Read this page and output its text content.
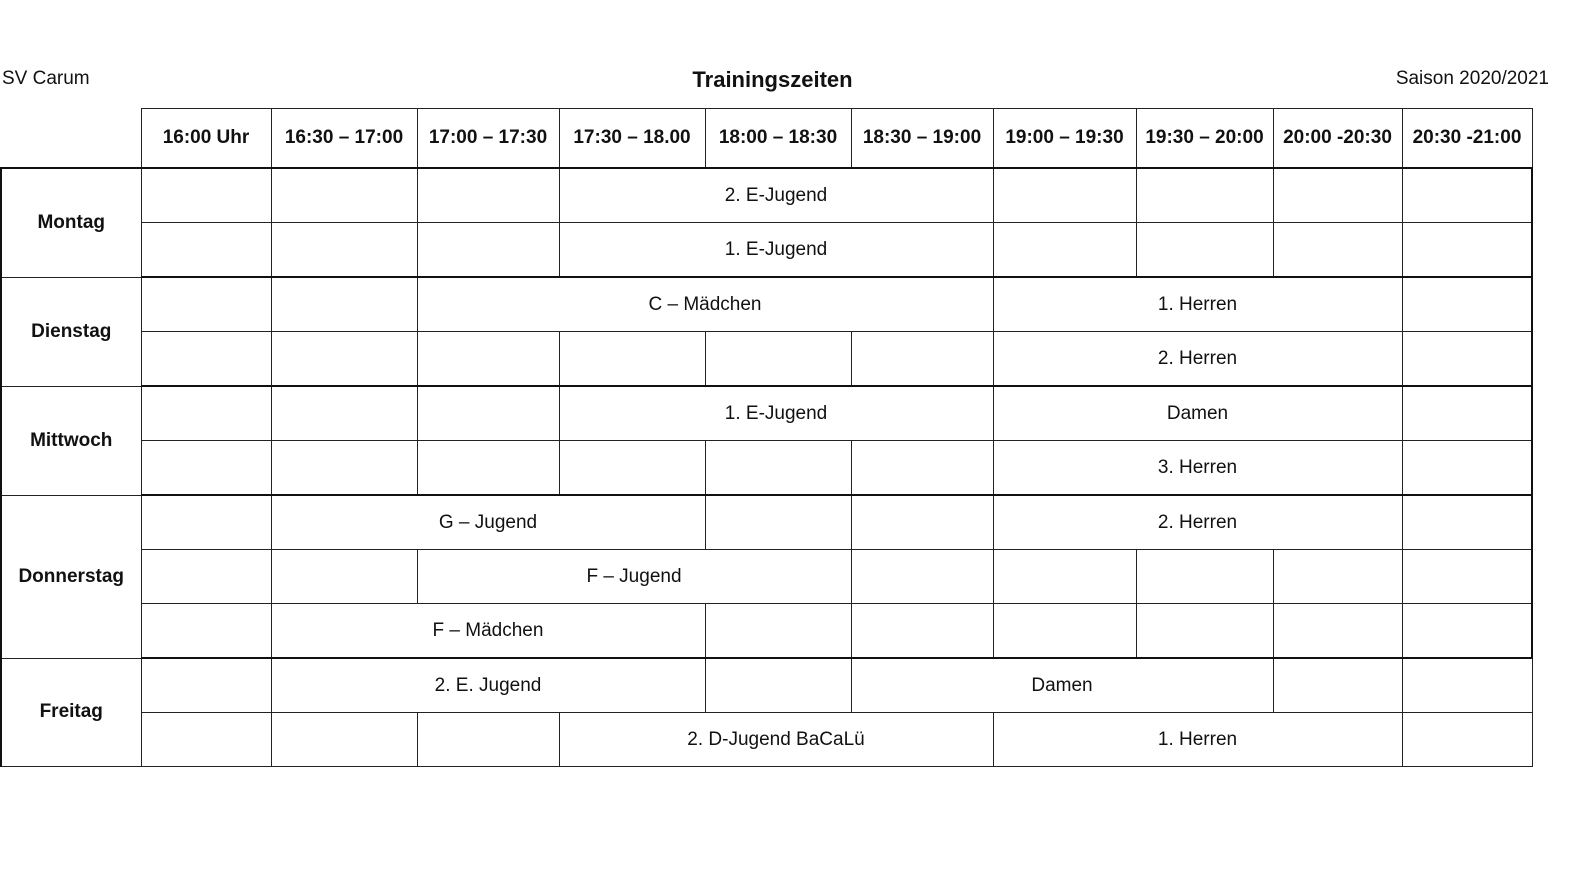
SV Carum	Trainingszeiten	Saison 2020/2021
	16:00 Uhr	16:30 – 17:00	17:00 – 17:30	17:30 – 18.00	18:00 – 18:30	18:30 – 19:00	19:00 – 19:30	19:30 – 20:00	20:00 -20:30	20:30 -21:00
Montag				2. E-Jugend						
				1. E-Jugend						
Dienstag			C – Mädchen				1. Herren			
							2. Herren			
Mittwoch				1. E-Jugend			Damen			
							3. Herren			
Donnerstag		G – Jugend					2. Herren			
			F – Jugend							
		F – Mädchen								
Freitag		2. E. Jugend				Damen				
				2. D-Jugend BaCaLü			1. Herren			
